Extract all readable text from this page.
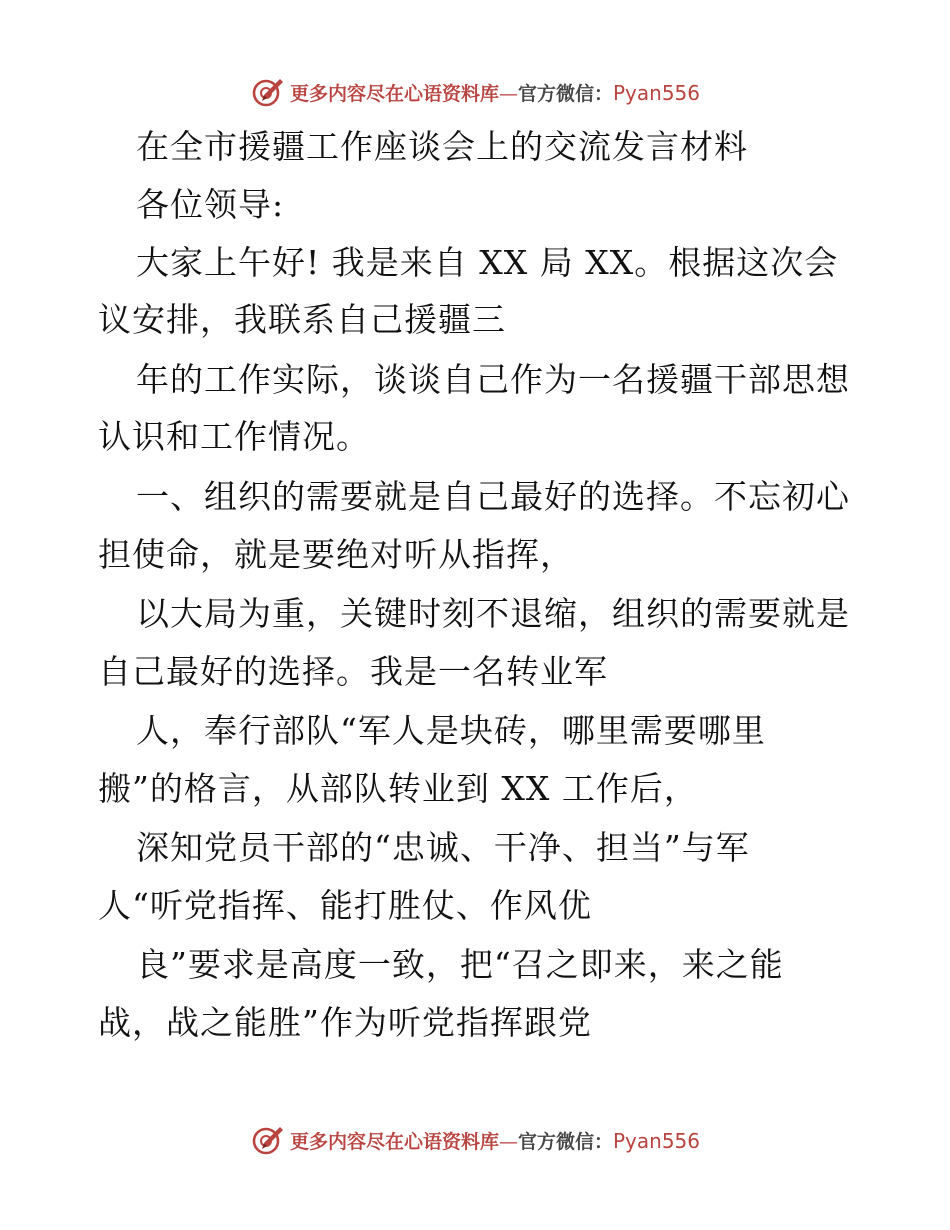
更多内容尽在心语资料库—官方微信：Pyan556
在全市援疆工作座谈会上的交流发言材料
各位领导:
大家上午好! 我是来自 XX 局 XX。根据这次会
议安排，我联系自己援疆三
年的工作实际，谈谈自己作为一名援疆干部思想
认识和工作情况。
一、组织的需要就是自己最好的选择。不忘初心
担使命，就是要绝对听从指挥，
以大局为重，关键时刻不退缩，组织的需要就是
自己最好的选择。我是一名转业军
人，奉行部队“军人是块砖，哪里需要哪里
搬”的格言，从部队转业到 XX 工作后，
深知党员干部的“忠诚、干净、担当”与军
人“听党指挥、能打胜仗、作风优
良”要求是高度一致，把“召之即来，来之能
战，战之能胜”作为听党指挥跟党
更多内容尽在心语资料库—官方微信：Pyan556
